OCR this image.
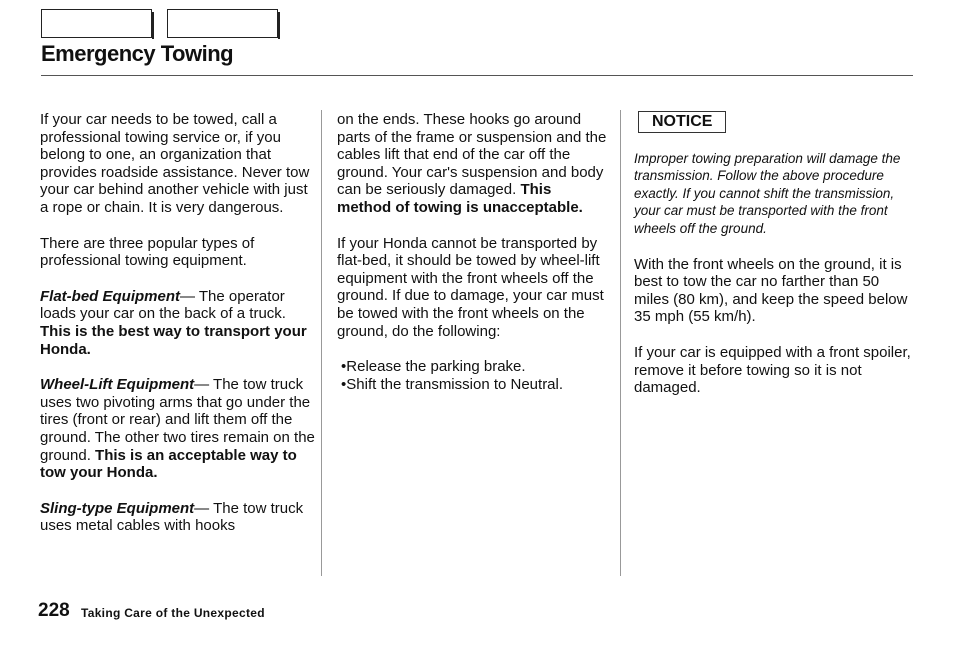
Emergency Towing

If your car needs to be towed, call a professional towing service or, if you belong to one, an organization that provides roadside assistance. Never tow your car behind another vehicle with just a rope or chain. It is very dangerous.

There are three popular types of professional towing equipment.

Flat-bed Equipment— The operator loads your car on the back of a truck. This is the best way to transport your Honda.

Wheel-Lift Equipment— The tow truck uses two pivoting arms that go under the tires (front or rear) and lift them off the ground. The other two tires remain on the ground. This is an acceptable way to tow your Honda.

Sling-type Equipment— The tow truck uses metal cables with hooks

on the ends. These hooks go around parts of the frame or suspension and the cables lift that end of the car off the ground. Your car's suspension and body can be seriously damaged. This method of towing is unacceptable.

If your Honda cannot be transported by flat-bed, it should be towed by wheel-lift equipment with the front wheels off the ground. If due to damage, your car must be towed with the front wheels on the ground, do the following:

• Release the parking brake.
• Shift the transmission to Neutral.
NOTICE

Improper towing preparation will damage the transmission. Follow the above procedure exactly. If you cannot shift the transmission, your car must be transported with the front wheels off the ground.

With the front wheels on the ground, it is best to tow the car no farther than 50 miles (80 km), and keep the speed below 35 mph (55 km/h).

If your car is equipped with a front spoiler, remove it before towing so it is not damaged.

228 Taking Care of the Unexpected
